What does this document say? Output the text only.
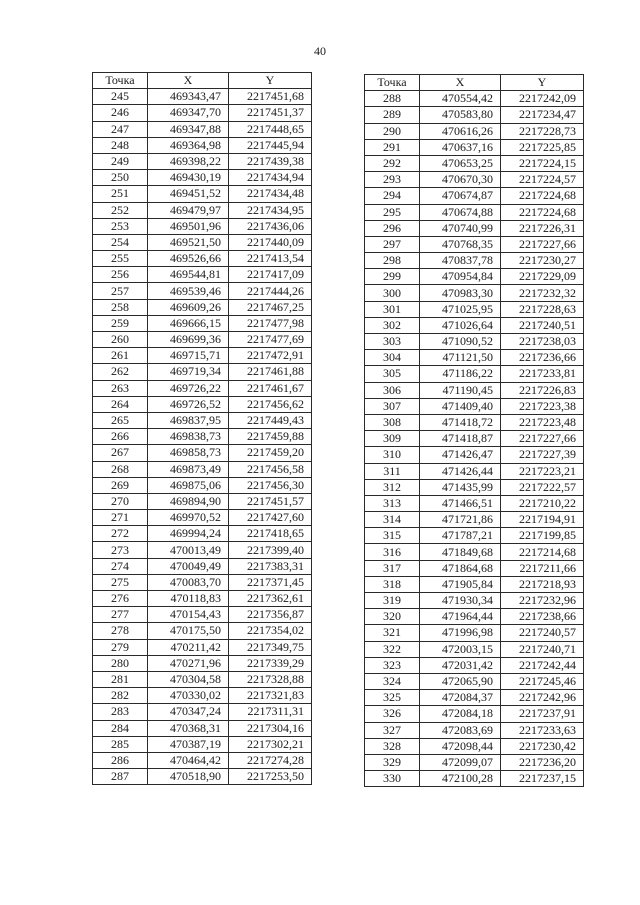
40
Точка	X	Y
245	469343,47	2217451,68
246	469347,70	2217451,37
247	469347,88	2217448,65
248	469364,98	2217445,94
249	469398,22	2217439,38
250	469430,19	2217434,94
251	469451,52	2217434,48
252	469479,97	2217434,95
253	469501,96	2217436,06
254	469521,50	2217440,09
255	469526,66	2217413,54
256	469544,81	2217417,09
257	469539,46	2217444,26
258	469609,26	2217467,25
259	469666,15	2217477,98
260	469699,36	2217477,69
261	469715,71	2217472,91
262	469719,34	2217461,88
263	469726,22	2217461,67
264	469726,52	2217456,62
265	469837,95	2217449,43
266	469838,73	2217459,88
267	469858,73	2217459,20
268	469873,49	2217456,58
269	469875,06	2217456,30
270	469894,90	2217451,57
271	469970,52	2217427,60
272	469994,24	2217418,65
273	470013,49	2217399,40
274	470049,49	2217383,31
275	470083,70	2217371,45
276	470118,83	2217362,61
277	470154,43	2217356,87
278	470175,50	2217354,02
279	470211,42	2217349,75
280	470271,96	2217339,29
281	470304,58	2217328,88
282	470330,02	2217321,83
283	470347,24	2217311,31
284	470368,31	2217304,16
285	470387,19	2217302,21
286	470464,42	2217274,28
287	470518,90	2217253,50
Точка	X	Y
288	470554,42	2217242,09
289	470583,80	2217234,47
290	470616,26	2217228,73
291	470637,16	2217225,85
292	470653,25	2217224,15
293	470670,30	2217224,57
294	470674,87	2217224,68
295	470674,88	2217224,68
296	470740,99	2217226,31
297	470768,35	2217227,66
298	470837,78	2217230,27
299	470954,84	2217229,09
300	470983,30	2217232,32
301	471025,95	2217228,63
302	471026,64	2217240,51
303	471090,52	2217238,03
304	471121,50	2217236,66
305	471186,22	2217233,81
306	471190,45	2217226,83
307	471409,40	2217223,38
308	471418,72	2217223,48
309	471418,87	2217227,66
310	471426,47	2217227,39
311	471426,44	2217223,21
312	471435,99	2217222,57
313	471466,51	2217210,22
314	471721,86	2217194,91
315	471787,21	2217199,85
316	471849,68	2217214,68
317	471864,68	2217211,66
318	471905,84	2217218,93
319	471930,34	2217232,96
320	471964,44	2217238,66
321	471996,98	2217240,57
322	472003,15	2217240,71
323	472031,42	2217242,44
324	472065,90	2217245,46
325	472084,37	2217242,96
326	472084,18	2217237,91
327	472083,69	2217233,63
328	472098,44	2217230,42
329	472099,07	2217236,20
330	472100,28	2217237,15
